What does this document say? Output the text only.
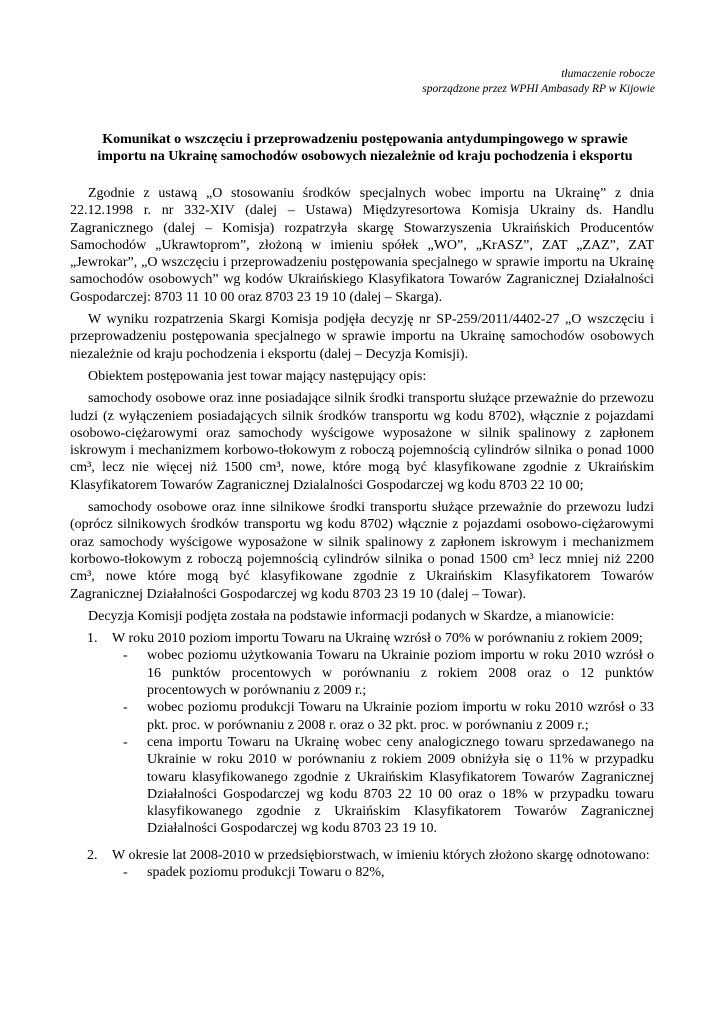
tłumaczenie robocze
sporządzone przez WPHI Ambasady RP w Kijowie
Komunikat o wszczęciu i przeprowadzeniu postępowania antydumpingowego w sprawie importu na Ukrainę samochodów osobowych niezależnie od kraju pochodzenia i eksportu

Zgodnie z ustawą „O stosowaniu środków specjalnych wobec importu na Ukrainę” z dnia 22.12.1998 r. nr 332-XIV (dalej – Ustawa) Międzyresortowa Komisja Ukrainy ds. Handlu Zagranicznego (dalej – Komisja) rozpatrzyła skargę Stowarzyszenia Ukraińskich Producentów Samochodów „Ukrawtoprom”, złożoną w imieniu spółek „WO”, „KrASZ”, ZAT „ZAZ”, ZAT „Jewrokar”, „O wszczęciu i przeprowadzeniu postępowania specjalnego w sprawie importu na Ukrainę samochodów osobowych” wg kodów Ukraińskiego Klasyfikatora Towarów Zagranicznej Działalności Gospodarczej: 8703 11 10 00 oraz 8703 23 19 10 (dalej – Skarga).

W wyniku rozpatrzenia Skargi Komisja podjęła decyzję nr SP-259/2011/4402-27 „O wszczęciu i przeprowadzeniu postępowania specjalnego w sprawie importu na Ukrainę samochodów osobowych niezależnie od kraju pochodzenia i eksportu (dalej – Decyzja Komisji).

Obiektem postępowania jest towar mający następujący opis:

samochody osobowe oraz inne posiadające silnik środki transportu służące przeważnie do przewozu ludzi (z wyłączeniem posiadających silnik środków transportu wg kodu 8702), włącznie z pojazdami osobowo-ciężarowymi oraz samochody wyścigowe wyposażone w silnik spalinowy z zapłonem iskrowym i mechanizmem korbowo-tłokowym z roboczą pojemnością cylindrów silnika o ponad 1000 cm³, lecz nie więcej niż 1500 cm³, nowe, które mogą być klasyfikowane zgodnie z Ukraińskim Klasyfikatorem Towarów Zagranicznej Dzialalności Gospodarczej wg kodu 8703 22 10 00;

samochody osobowe oraz inne silnikowe środki transportu służące przeważnie do przewozu ludzi (oprócz silnikowych środków transportu wg kodu 8702) włącznie z pojazdami osobowo-ciężarowymi oraz samochody wyścigowe wyposażone w silnik spalinowy z zapłonem iskrowym i mechanizmem korbowo-tłokowym z roboczą pojemnością cylindrów silnika o ponad 1500 cm³ lecz mniej niż 2200 cm³, nowe które mogą być klasyfikowane zgodnie z Ukraińskim Klasyfikatorem Towarów Zagranicznej Działalności Gospodarczej wg kodu 8703 23 19 10 (dalej – Towar).

Decyzja Komisji podjęta została na podstawie informacji podanych w Skardze, a mianowicie:

1. W roku 2010 poziom importu Towaru na Ukrainę wzrósł o 70% w porównaniu z rokiem 2009;
- wobec poziomu użytkowania Towaru na Ukrainie poziom importu w roku 2010 wzrósł o 16 punktów procentowych w porównaniu z rokiem 2008 oraz o 12 punktów procentowych w porównaniu z 2009 r.;
- wobec poziomu produkcji Towaru na Ukrainie poziom importu w roku 2010 wzrósł o 33 pkt. proc. w porównaniu z 2008 r. oraz o 32 pkt. proc. w porównaniu z 2009 r.;
- cena importu Towaru na Ukrainę wobec ceny analogicznego towaru sprzedawanego na Ukrainie w roku 2010 w porównaniu z rokiem 2009 obniżyła się o 11% w przypadku towaru klasyfikowanego zgodnie z Ukraińskim Klasyfikatorem Towarów Zagranicznej Działalności Gospodarczej wg kodu 8703 22 10 00 oraz o 18% w przypadku towaru klasyfikowanego zgodnie z Ukraińskim Klasyfikatorem Towarów Zagranicznej Działalności Gospodarczej wg kodu 8703 23 19 10.
2. W okresie lat 2008-2010 w przedsiębiorstwach, w imieniu których złożono skargę odnotowano:
- spadek poziomu produkcji Towaru o 82%,
